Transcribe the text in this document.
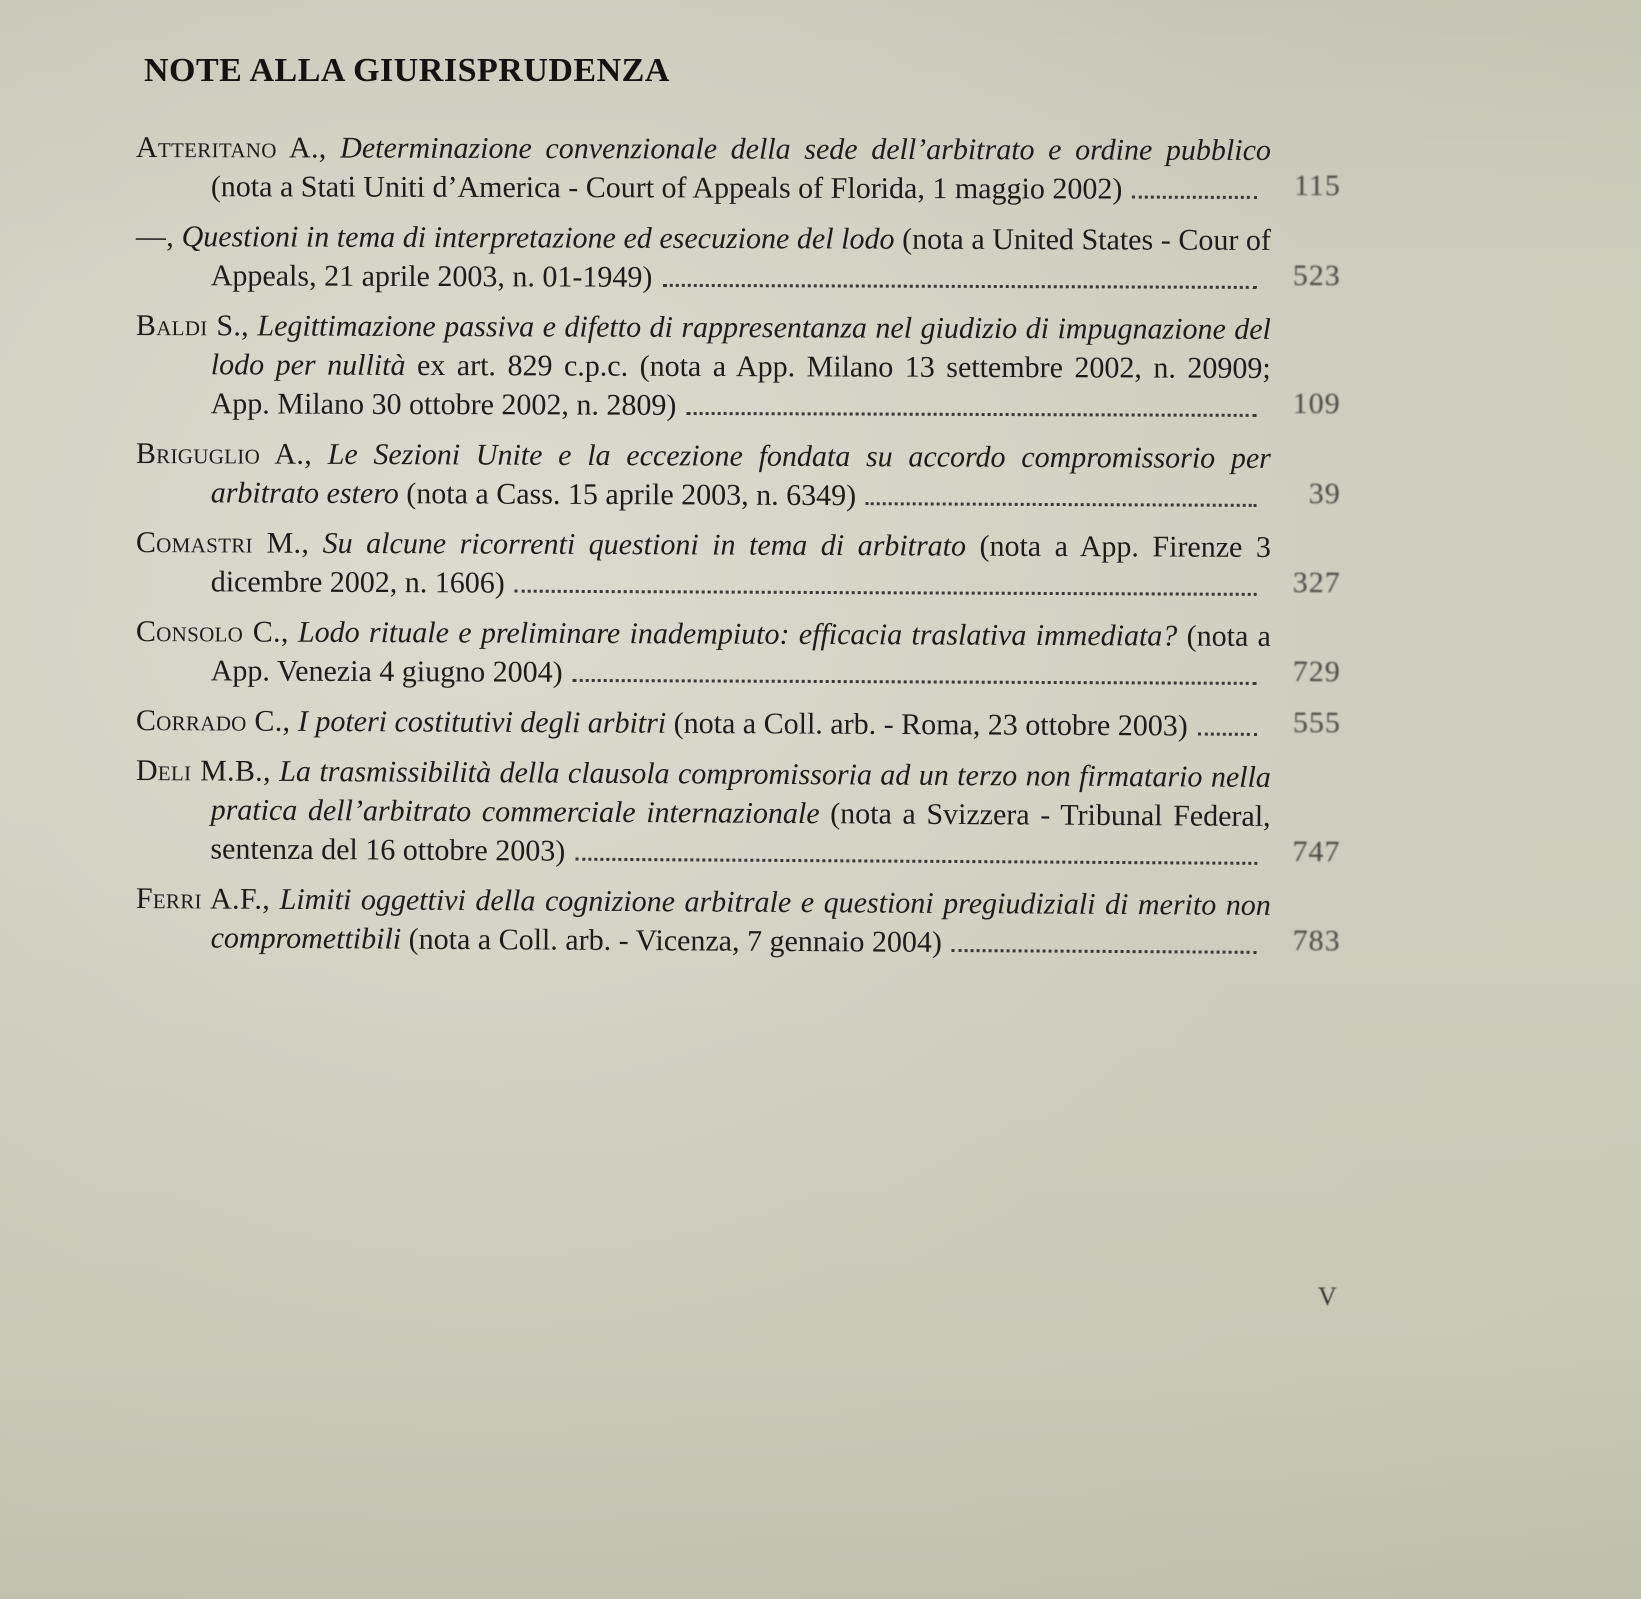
NOTE ALLA GIURISPRUDENZA
Atteritano A., Determinazione convenzionale della sede dell’arbitrato e ordine pubblico (nota a Stati Uniti d’America - Court of Appeals of Florida, 1 maggio 2002)	115
—, Questioni in tema di interpretazione ed esecuzione del lodo (nota a United States - Cour of Appeals, 21 aprile 2003, n. 01-1949)	523
Baldi S., Legittimazione passiva e difetto di rappresentanza nel giudizio di impugnazione del lodo per nullità ex art. 829 c.p.c. (nota a App. Milano 13 settembre 2002, n. 20909; App. Milano 30 ottobre 2002, n. 2809)	109
Briguglio A., Le Sezioni Unite e la eccezione fondata su accordo compromissorio per arbitrato estero (nota a Cass. 15 aprile 2003, n. 6349)	39
Comastri M., Su alcune ricorrenti questioni in tema di arbitrato (nota a App. Firenze 3 dicembre 2002, n. 1606)	327
Consolo C., Lodo rituale e preliminare inadempiuto: efficacia traslativa immediata? (nota a App. Venezia 4 giugno 2004)	729
Corrado C., I poteri costitutivi degli arbitri (nota a Coll. arb. - Roma, 23 ottobre 2003)	555
Deli M.B., La trasmissibilità della clausola compromissoria ad un terzo non firmatario nella pratica dell’arbitrato commerciale internazionale (nota a Svizzera - Tribunal Federal, sentenza del 16 ottobre 2003)	747
Ferri A.F., Limiti oggettivi della cognizione arbitrale e questioni pregiudiziali di merito non compromettibili (nota a Coll. arb. - Vicenza, 7 gennaio 2004)	783
V
